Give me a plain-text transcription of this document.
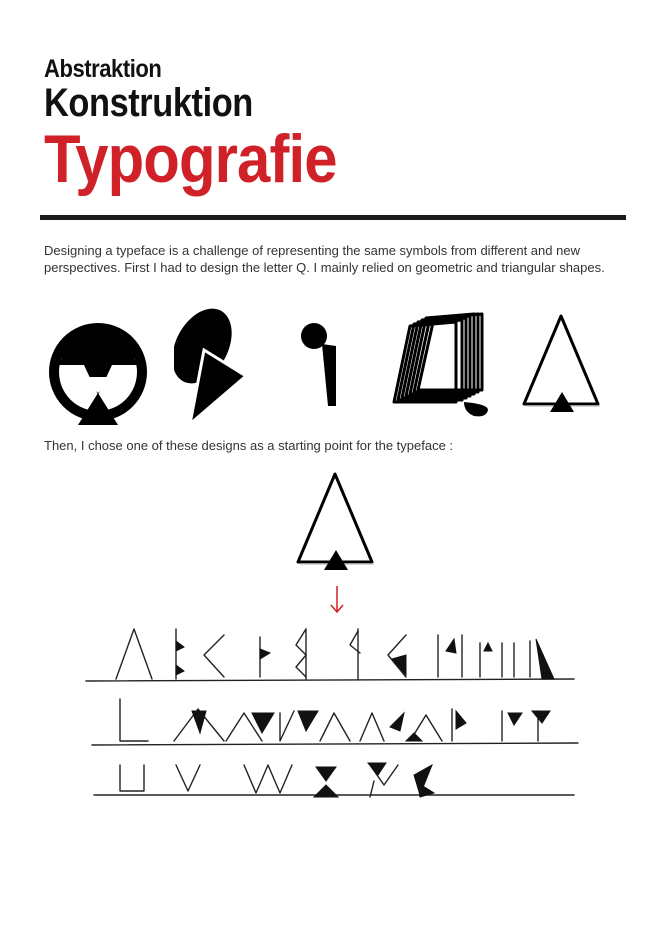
Abstraktion
Konstruktion
Typografie

Designing a typeface is a challenge of representing the same symbols from different and new perspectives. First I had to design the letter Q. I mainly relied on geometric and triangular shapes.

Then, I chose one of these designs as a starting point for the typeface :
